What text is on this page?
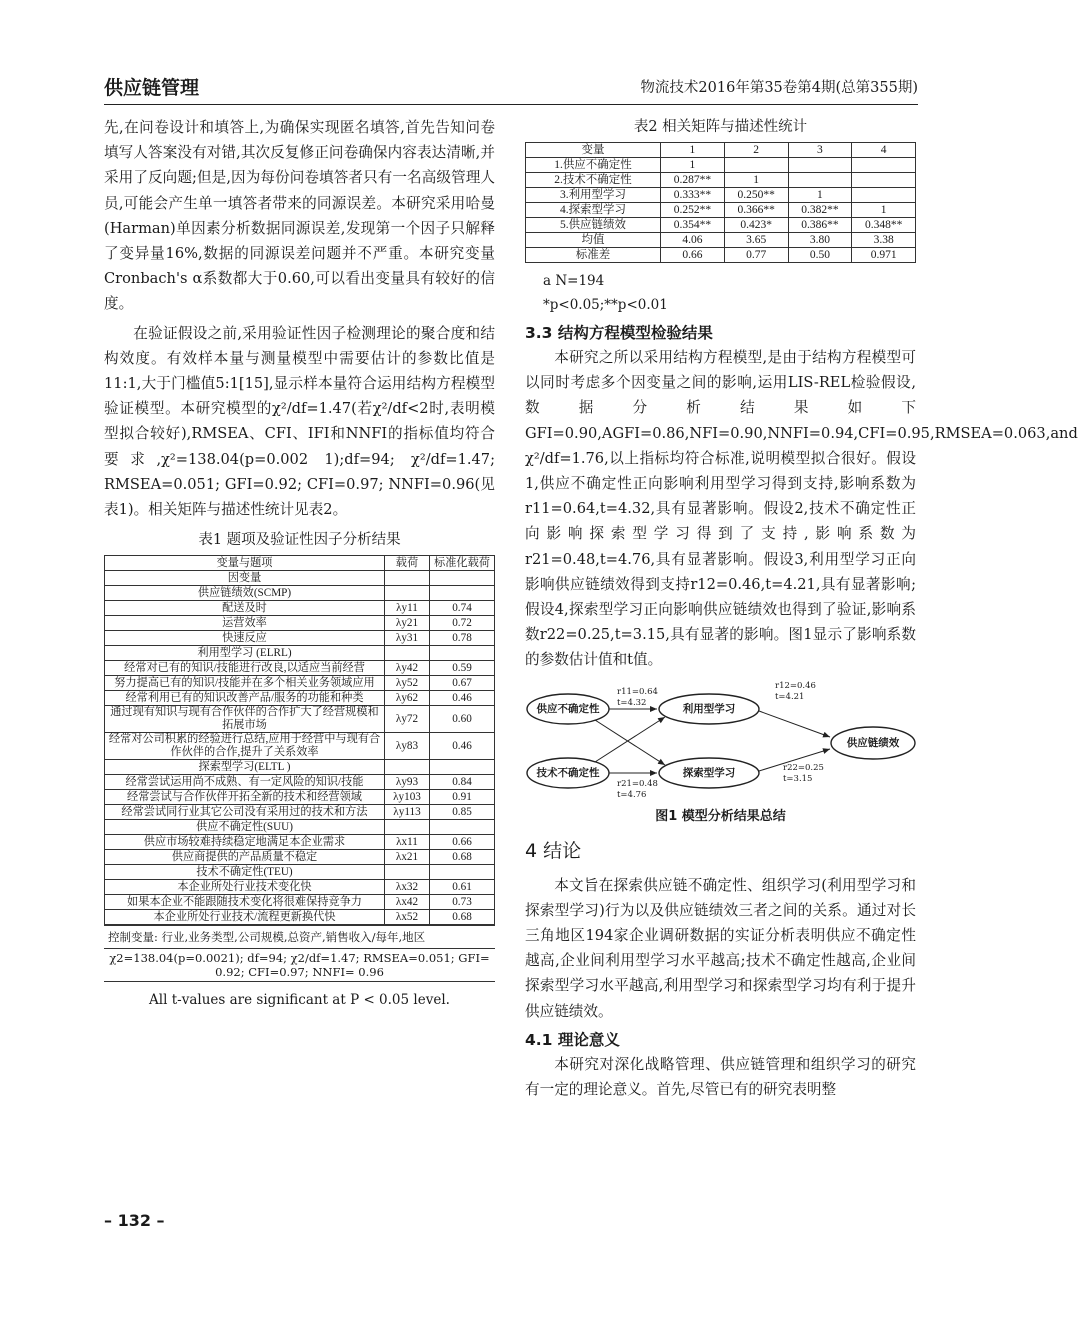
供应链管理	物流技术2016年第35卷第4期(总第355期)

先,在问卷设计和填答上,为确保实现匿名填答,首先告知问卷填写人答案没有对错,其次反复修正问卷确保内容表达清晰,并采用了反向题;但是,因为每份问卷填答者只有一名高级管理人员,可能会产生单一填答者带来的同源误差。本研究采用哈曼(Harman)单因素分析数据同源误差,发现第一个因子只解释了变异量16%,数据的同源误差问题并不严重。本研究变量Cronbach's α系数都大于0.60,可以看出变量具有较好的信度。

在验证假设之前,采用验证性因子检测理论的聚合度和结构效度。有效样本量与测量模型中需要估计的参数比值是11:1,大于门槛值5:1[15],显示样本量符合运用结构方程模型验证模型。本研究模型的χ²/df=1.47(若χ²/df<2时,表明模型拟合较好),RMSEA、CFI、IFI和NNFI的指标值均符合要求,χ²=138.04(p=0.002 1);df=94; χ²/df=1.47; RMSEA=0.051; GFI=0.92; CFI=0.97; NNFI=0.96(见表1)。相关矩阵与描述性统计见表2。

表1 题项及验证性因子分析结果
变量与题项	载荷	标准化载荷
因变量		
供应链绩效(SCMP)		
配送及时	λy11	0.74
运营效率	λy21	0.72
快速反应	λy31	0.78
利用型学习 (ELRL)		
经常对已有的知识/技能进行改良,以适应当前经营	λy42	0.59
努力提高已有的知识/技能并在多个相关业务领域应用	λy52	0.67
经常利用已有的知识改善产品/服务的功能和种类	λy62	0.46
通过现有知识与现有合作伙伴的合作扩大了经营规模和拓展市场	λy72	0.60
经常对公司积累的经验进行总结,应用于经营中与现有合作伙伴的合作,提升了关系效率	λy83	0.46
探索型学习(ELTL )		
经常尝试运用尚不成熟、有一定风险的知识/技能	λy93	0.84
经常尝试与合作伙伴开拓全新的技术和经营领域	λy103	0.91
经常尝试同行业其它公司没有采用过的技术和方法	λy113	0.85
供应不确定性(SUU)		
供应市场较难持续稳定地满足本企业需求	λx11	0.66
供应商提供的产品质量不稳定	λx21	0.68
技术不确定性(TEU)		
本企业所处行业技术变化快	λx32	0.61
如果本企业不能跟随技术变化将很难保持竞争力	λx42	0.73
本企业所处行业技术/流程更新换代快	λx52	0.68
控制变量: 行业,业务类型,公司规模,总资产,销售收入/每年,地区
χ2=138.04(p=0.0021); df=94; χ2/df=1.47; RMSEA=0.051; GFI= 0.92; CFI=0.97; NNFI= 0.96
All t-values are significant at P < 0.05 level.
表2 相关矩阵与描述性统计
变量	1	2	3	4
1.供应不确定性	1			
2.技术不确定性	0.287**	1		
3.利用型学习	0.333**	0.250**	1	
4.探索型学习	0.252**	0.366**	0.382**	1
5.供应链绩效	0.354**	0.423*	0.386**	0.348**
均值	4.06	3.65	3.80	3.38
标准差	0.66	0.77	0.50	0.971
a N=194
*p<0.05;**p<0.01
3.3 结构方程模型检验结果

本研究之所以采用结构方程模型,是由于结构方程模型可以同时考虑多个因变量之间的影响,运用LIS-REL检验假设,数据分析结果如下GFI=0.90,AGFI=0.86,NFI=0.90,NNFI=0.94,CFI=0.95,RMSEA=0.063,and χ²/df=1.76,以上指标均符合标准,说明模型拟合很好。假设1,供应不确定性正向影响利用型学习得到支持,影响系数为r11=0.64,t=4.32,具有显著影响。假设2,技术不确定性正向影响探索型学习得到了支持,影响系数为r21=0.48,t=4.76,具有显著影响。假设3,利用型学习正向影响供应链绩效得到支持r12=0.46,t=4.21,具有显著影响;假设4,探索型学习正向影响供应链绩效也得到了验证,影响系数r22=0.25,t=3.15,具有显著的影响。图1显示了影响系数的参数估计值和t值。

供应不确定性
技术不确定性
利用型学习
探索型学习
供应链绩效
r11=0.64
t=4.32
r21=0.48
t=4.76
r12=0.46
t=4.21
r22=0.25
t=3.15
图1 模型分析结果总结
4 结论

本文旨在探索供应链不确定性、组织学习(利用型学习和探索型学习)行为以及供应链绩效三者之间的关系。通过对长三角地区194家企业调研数据的实证分析表明供应不确定性越高,企业间利用型学习水平越高;技术不确定性越高,企业间探索型学习水平越高,利用型学习和探索型学习均有利于提升供应链绩效。

4.1 理论意义

本研究对深化战略管理、供应链管理和组织学习的研究有一定的理论意义。首先,尽管已有的研究表明整

– 132 –
